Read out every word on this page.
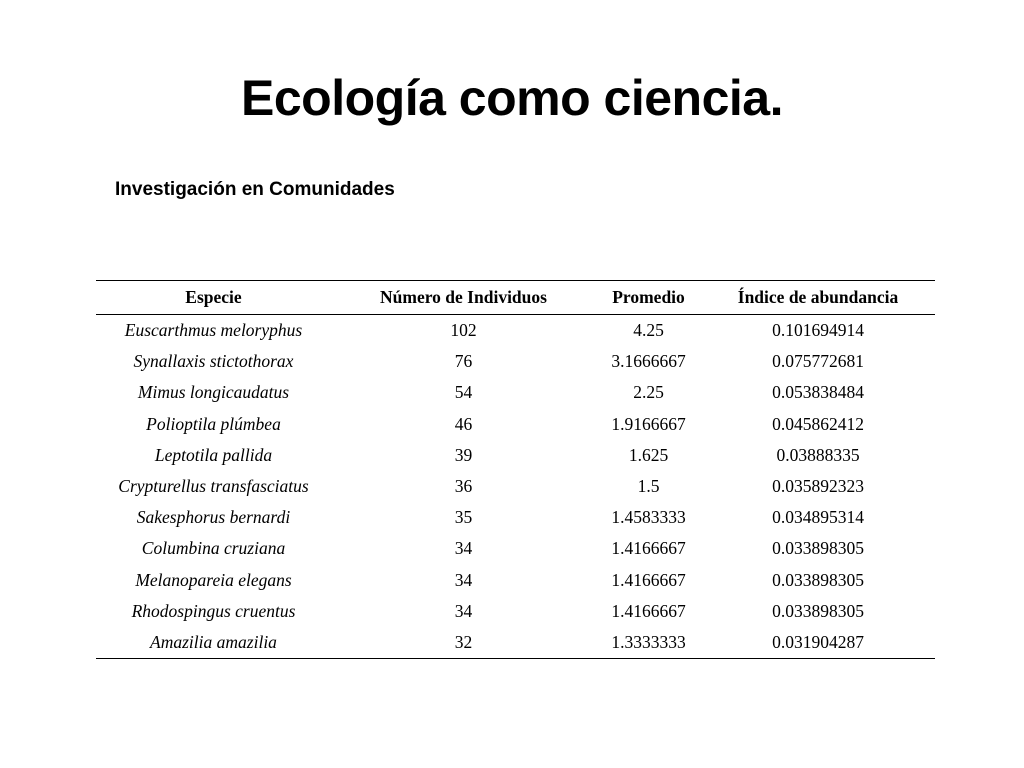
Ecología como ciencia.
Investigación en Comunidades
Especie	Número de Individuos	Promedio	Índice de abundancia
Euscarthmus meloryphus	102	4.25	0.101694914
Synallaxis stictothorax	76	3.1666667	0.075772681
Mimus longicaudatus	54	2.25	0.053838484
Polioptila plúmbea	46	1.9166667	0.045862412
Leptotila pallida	39	1.625	0.03888335
Crypturellus transfasciatus	36	1.5	0.035892323
Sakesphorus bernardi	35	1.4583333	0.034895314
Columbina cruziana	34	1.4166667	0.033898305
Melanopareia elegans	34	1.4166667	0.033898305
Rhodospingus cruentus	34	1.4166667	0.033898305
Amazilia amazilia	32	1.3333333	0.031904287
